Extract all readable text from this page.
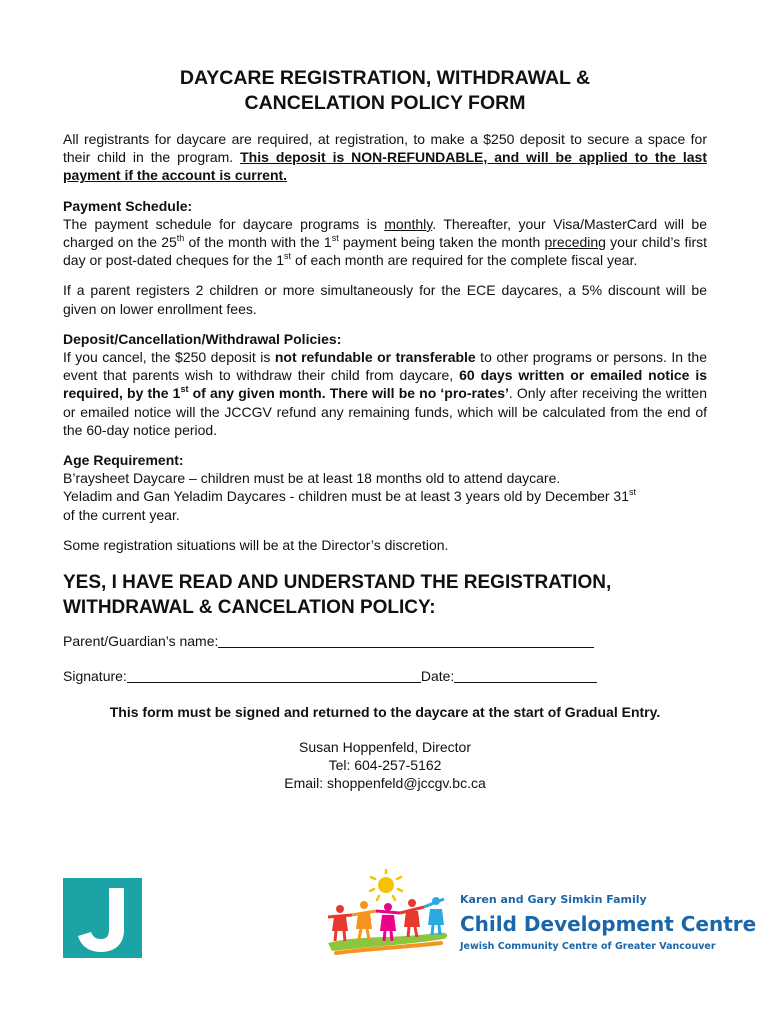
DAYCARE REGISTRATION, WITHDRAWAL &
CANCELATION POLICY FORM

All registrants for daycare are required, at registration, to make a $250 deposit to secure a space for their child in the program. This deposit is NON-REFUNDABLE, and will be applied to the last payment if the account is current.

Payment Schedule:
The payment schedule for daycare programs is monthly. Thereafter, your Visa/MasterCard will be charged on the 25th of the month with the 1st payment being taken the month preceding your child’s first day or post-dated cheques for the 1st of each month are required for the complete fiscal year.

If a parent registers 2 children or more simultaneously for the ECE daycares, a 5% discount will be given on lower enrollment fees.

Deposit/Cancellation/Withdrawal Policies:
If you cancel, the $250 deposit is not refundable or transferable to other programs or persons. In the event that parents wish to withdraw their child from daycare, 60 days written or emailed notice is required, by the 1st of any given month. There will be no ‘pro-rates’. Only after receiving the written or emailed notice will the JCCGV refund any remaining funds, which will be calculated from the end of the 60-day notice period.

Age Requirement:
B’raysheet Daycare – children must be at least 18 months old to attend daycare.
Yeladim and Gan Yeladim Daycares - children must be at least 3 years old by December 31st
of the current year.

Some registration situations will be at the Director’s discretion.

YES, I HAVE READ AND UNDERSTAND THE REGISTRATION,
WITHDRAWAL & CANCELATION POLICY:

Parent/Guardian’s name:

Signature:	Date:

This form must be signed and returned to the daycare at the start of Gradual Entry.

Susan Hoppenfeld, Director
Tel: 604-257-5162
Email: shoppenfeld@jccgv.bc.ca

Karen and Gary Simkin Family
Child Development Centre
Jewish Community Centre of Greater Vancouver
